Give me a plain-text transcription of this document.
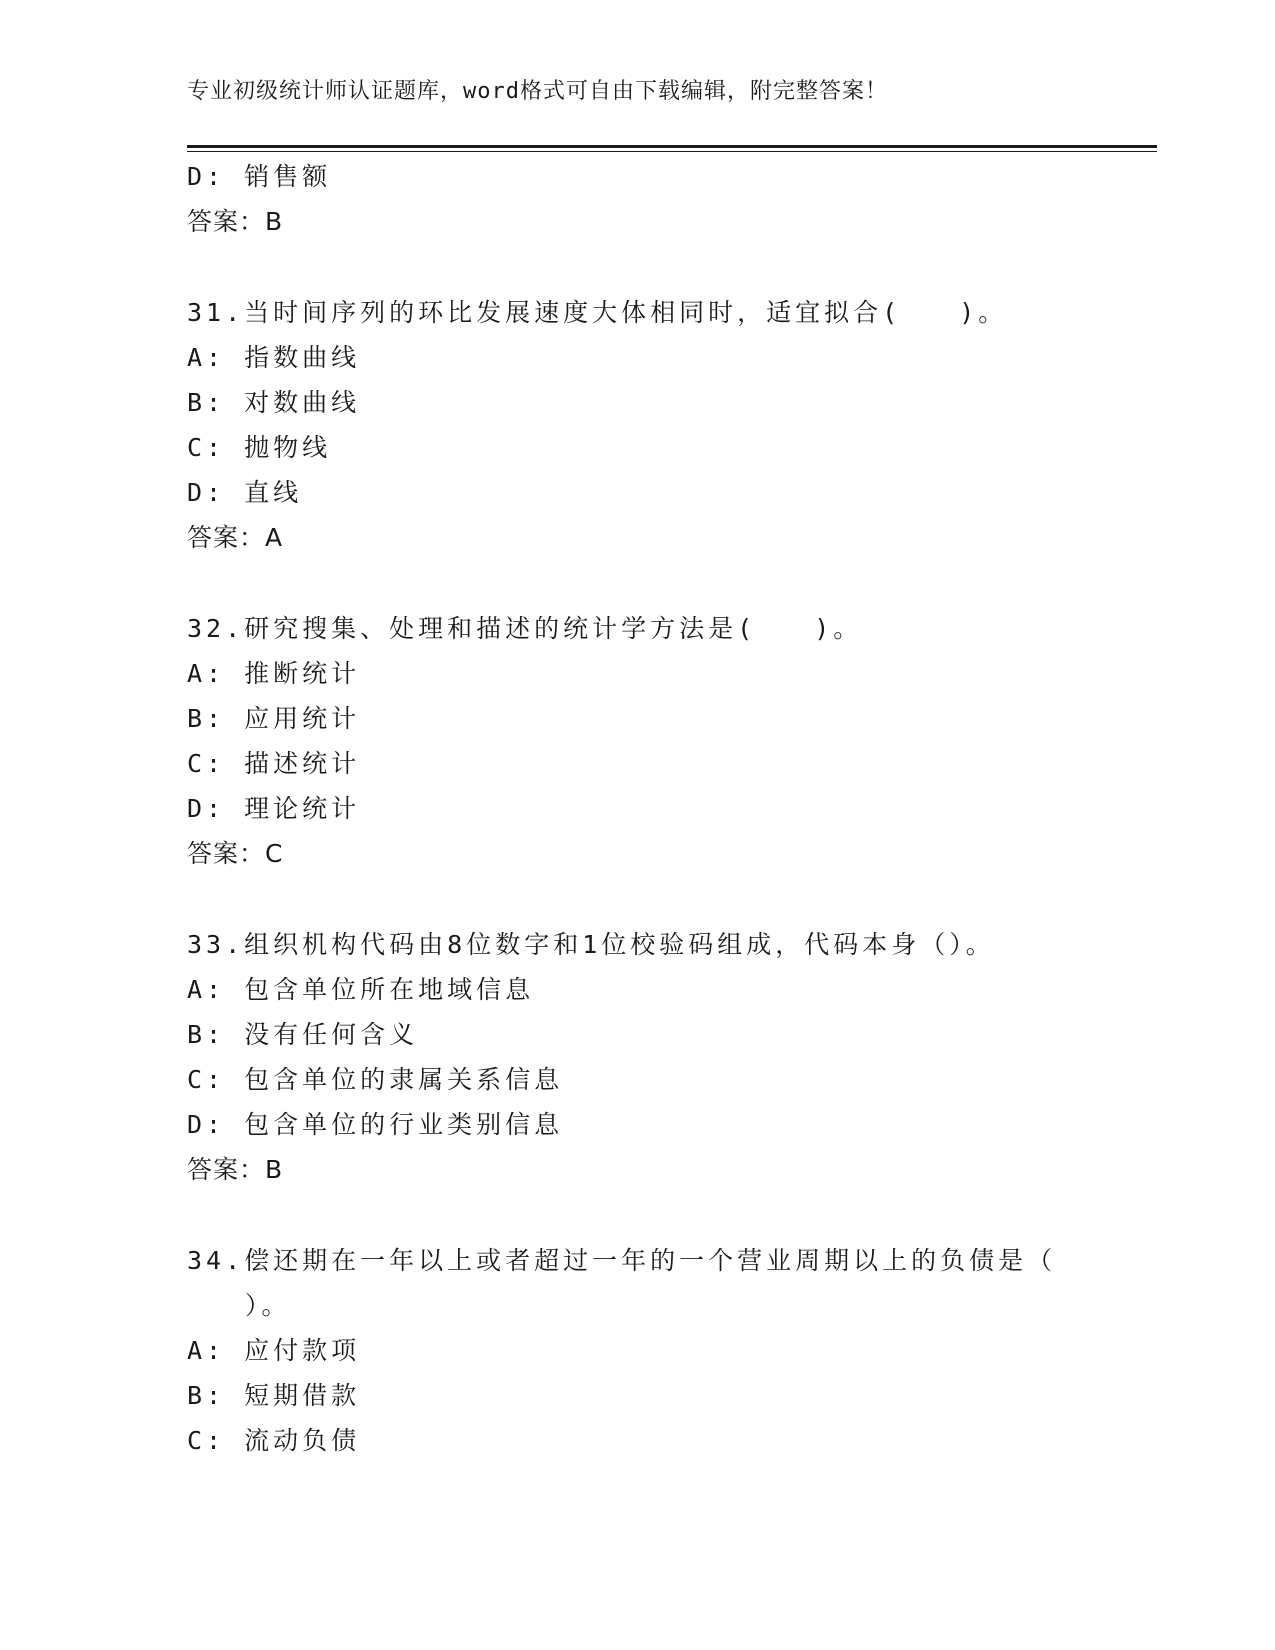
专业初级统计师认证题库，word格式可自由下载编辑，附完整答案！
D: 销售额
答案：B
31.当时间序列的环比发展速度大体相同时，适宜拟合(　　)。
A: 指数曲线
B: 对数曲线
C: 抛物线
D: 直线
答案：A
32.研究搜集、处理和描述的统计学方法是(　　)。
A: 推断统计
B: 应用统计
C: 描述统计
D: 理论统计
答案：C
33.组织机构代码由8位数字和1位校验码组成，代码本身（）。
A: 包含单位所在地域信息
B: 没有任何含义
C: 包含单位的隶属关系信息
D: 包含单位的行业类别信息
答案：B
34.偿还期在一年以上或者超过一年的一个营业周期以上的负债是（
　　）。
A: 应付款项
B: 短期借款
C: 流动负债
